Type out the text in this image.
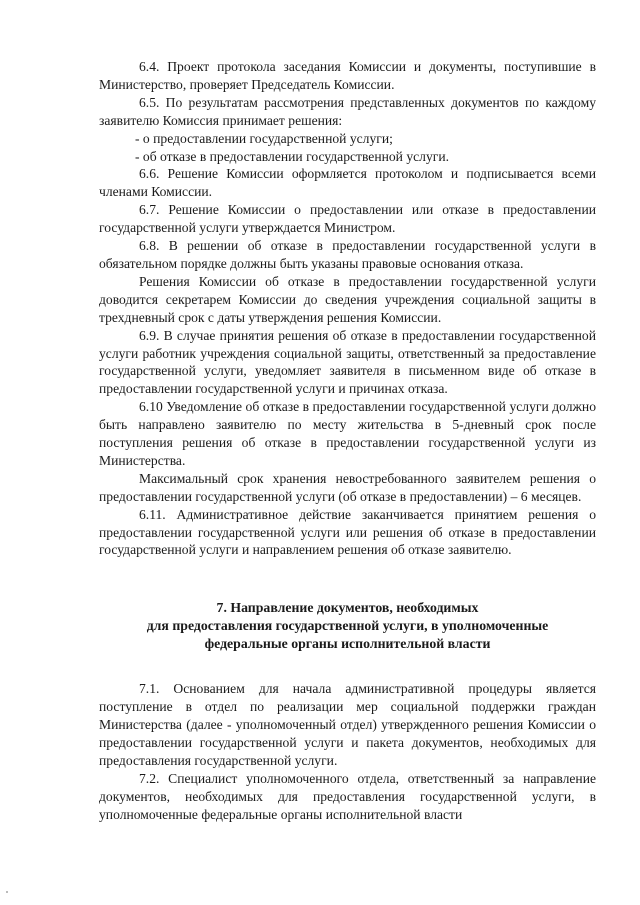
6.4. Проект протокола заседания Комиссии и документы, поступившие в Министерство, проверяет Председатель Комиссии.

6.5. По результатам рассмотрения представленных документов по каждому заявителю Комиссия принимает решения:

- о предоставлении государственной услуги;

- об отказе в предоставлении государственной услуги.

6.6. Решение Комиссии оформляется протоколом и подписывается всеми членами Комиссии.

6.7. Решение Комиссии о предоставлении или отказе в предоставлении государственной услуги утверждается Министром.

6.8. В решении об отказе в предоставлении государственной услуги в обязательном порядке должны быть указаны правовые основания отказа.

Решения Комиссии об отказе в предоставлении государственной услуги доводится секретарем Комиссии до сведения учреждения социальной защиты в трехдневный срок с даты утверждения решения Комиссии.

6.9. В случае принятия решения об отказе в предоставлении государственной услуги работник учреждения социальной защиты, ответственный за предоставление государственной услуги, уведомляет заявителя в письменном виде об отказе в предоставлении государственной услуги и причинах отказа.

6.10 Уведомление об отказе в предоставлении государственной услуги должно быть направлено заявителю по месту жительства в 5-дневный срок после поступления решения об отказе в предоставлении государственной услуги из Министерства.

Максимальный срок хранения невостребованного заявителем решения о предоставлении государственной услуги (об отказе в предоставлении) – 6 месяцев.

6.11. Административное действие заканчивается принятием решения о предоставлении государственной услуги или решения об отказе в предоставлении государственной услуги и направлением решения об отказе заявителю.

7. Направление документов, необходимых
для предоставления государственной услуги, в уполномоченные
федеральные органы исполнительной власти

7.1. Основанием для начала административной процедуры является поступление в отдел по реализации мер социальной поддержки граждан Министерства (далее - уполномоченный отдел) утвержденного решения Комиссии о предоставлении государственной услуги и пакета документов, необходимых для предоставления государственной услуги.

7.2. Специалист уполномоченного отдела, ответственный за направление документов, необходимых для предоставления государственной услуги, в уполномоченные федеральные органы исполнительной власти
